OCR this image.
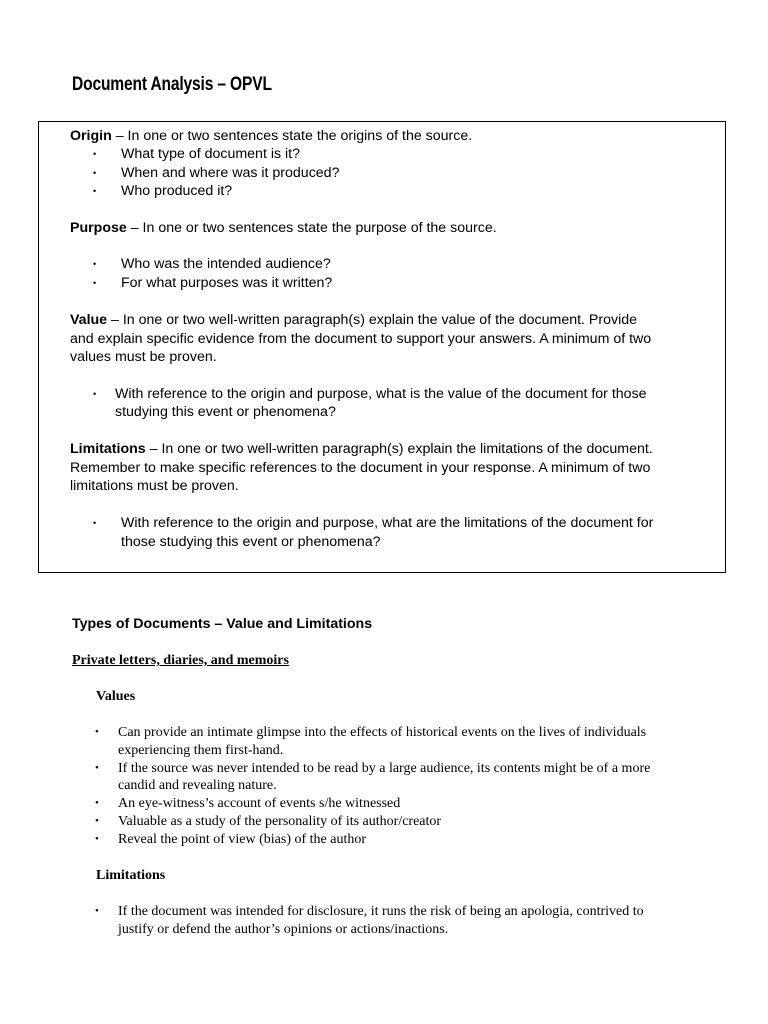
Document Analysis – OPVL
Origin – In one or two sentences state the origins of the source.
• What type of document is it?
• When and where was it produced?
• Who produced it?
Purpose – In one or two sentences state the purpose of the source.
• Who was the intended audience?
• For what purposes was it written?
Value – In one or two well-written paragraph(s) explain the value of the document. Provide
and explain specific evidence from the document to support your answers. A minimum of two
values must be proven.
• With reference to the origin and purpose, what is the value of the document for those
studying this event or phenomena?
Limitations – In one or two well-written paragraph(s) explain the limitations of the document.
Remember to make specific references to the document in your response. A minimum of two
limitations must be proven.
• With reference to the origin and purpose, what are the limitations of the document for
those studying this event or phenomena?
Types of Documents – Value and Limitations
Private letters, diaries, and memoirs
Values
• Can provide an intimate glimpse into the effects of historical events on the lives of individuals
experiencing them first-hand.
• If the source was never intended to be read by a large audience, its contents might be of a more
candid and revealing nature.
• An eye-witness’s account of events s/he witnessed
• Valuable as a study of the personality of its author/creator
• Reveal the point of view (bias) of the author
Limitations
• If the document was intended for disclosure, it runs the risk of being an apologia, contrived to
justify or defend the author’s opinions or actions/inactions.
